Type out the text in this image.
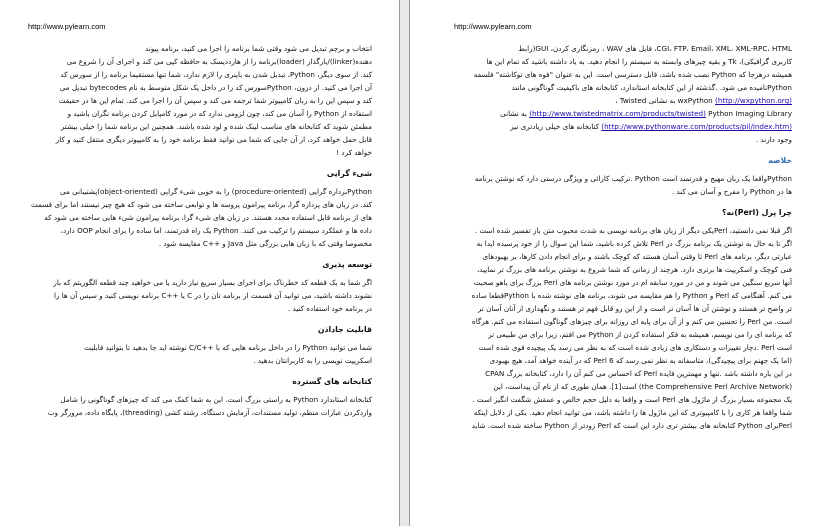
http://www.pylearn.com

انتخاب و برچم تبدیل می شود وقتی شما برنامه را اجرا می کنید، برنامه پیوند

دهنده(linker)/بارگذار (loader)برنامه را از هارددیسک به حافظه کپی می کند و اجرای آن را شروع می

کند. از سوی دیگر، Python، تبدیل شدن به باینری را لازم ندارد، شما تنها مستقیما برنامه را از سورس کد

آن اجرا می کنید. از درون، Pythonسورس کد را در داخل یک شکل متوسط به نام bytecodes تبدیل می

کند و سپس این را به زبان کامپیوتر شما ترجمه می کند و سپس آن را اجرا می کند. تمام این ها در حقیقت

استفاده از Python را آسان می کند، چون لزومی ندارد که در مورد کامپایل کردن برنامه نگران باشید و

مطمئن شوید که کتابخانه های مناسب لینک شده و لود شده باشند. همچنین این برنامه شما را خیلی بیشتر

قابل حمل خواهد کرد، از آن جایی که شما می توانید فقط برنامه خود را به کامپیوتر دیگری منتقل کنید و کار

خواهد کرد !

شیء گرایی

Pythonبرداره گرایی (procedure-oriented) را به خوبی شیء گرایی (object-oriented)پشتیبانی می

کند. در زبان های پردازه گرا، برنامه پیرامون پروسه ها و توابعی ساخته می شود که هیچ چیز نیستند اما برای قسمت

های از برنامه قابل استفاده مجدد هستند. در زبان های شیء گرا، برنامه پیرامون شیء هایی ساخته می شود که

داده ها و عملکرد سیستم را ترکیب می کنند. Python یک راه قدرتمند، اما ساده را برای انجام OOP دارد،

مخصوصا وقتی که با زبان هایی بزرگی مثل Java و ++C مقایسه شود .

توسعه پذیری

اگر شما به یک قطعه کد خطرناک برای اجرای بسیار سریع نیاز دارید یا می خواهید چند قطعه الگوریتم که باز

نشوند داشته باشید، می توانید آن قسمت از برنامه تان را در C یا ++C برنامه نویسی کنید و سپس آن ها را

در برنامه خود استفاده کنید .

قابلیت جاداذن

شما می توانید Python را در داخل برنامه هایی که با ++C/C نوشته اید جا بدهید تا بتوانید قابلیت

اسکریپت نویسی را به کاربرانتان بدهید .

کتابخانه های گسترده

کتابخانه استاندارد Python به راستی بزرگ است. این به شما کمک می کند که چیزهای گوناگونی را شامل

واردکردن عبارات منظم، تولید مستندات، آزمایش دستگاه، رشته کشی (threading)، پایگاه داده، مرورگر وب

http://www.pylearn.com

CGI، FTP، Email، XML، XML-RPC، HTML، فایل های WAV ، رمزنگاری کردن، GUI(رابط

کاربری گرافیکی)، Tk و بقیه چیزهای وابسته به سیستم را انجام دهید. به یاد داشته باشید که تمام این ها

همیشه درهرجا که Python نصب شده باشد، قابل دسترسی است. این به عنوان "فوه های توکاشته" فلسفه

Pythonنامیده می شود. .گذشته از این کتابخانه استاندارد، کتابخانه های باکیفیت گوناگونی مانند

wxPython (http://wxpython.org) به نشانی Twisted ،

(http://www.twistedmatrix.com/products/twisted) Python Imaging Library به نشانی

(http://www.pythonware.com/products/pil/index.htm) کتابخانه های خیلی زیادتری نیز

وجود دارند .

خلاصه

Pythonواقعا یک زبان مهیج و قدرتمند است Python .ترکیب کارائی و ویژگی درستی دارد که نوشتن برنامه

ها در Python را مفرح و آسان می کند .

چرا پرل (Perl)نه؟

اگر قبلا نمی دانستید، Perlیکی دیگر از زبان های برنامه نویسی به شدت محبوب متن باز تفسیر شده است .

اگر تا به حال به نوشتن یک برنامه بزرگ در Perl تلاش کرده باشید، شما این سوال را از خود پرسیده ایدا به

عبارتی دیگر، برنامه های Perl تا وقتی آسان هستند که کوچک باشند و برای انجام دادن کارها، بر بهبودهای

فنی کوچک و اسکریپت ها برتری دارد. هرچند از زمانی که شما شروع به نوشتن برنامه های بزرگ تر نمایید،

آنها سریع سنگین می شوند و من در مورد سابقه ام در مورد نوشتن برنامه های Perl بزرگ برای یاهو صحبت

می کنم. آهنگامی که Perl و Python را هم مقایسه می شوند، برنامه های نوشته شده با Pythonقطعا ساده

تر واضح تر هستند و نوشتن آن ها آسان تر است و از این رو قابل فهم تر هستند و نگهداری از آنان آسان تر

است. من Perl را تحسین می کنم و از آن برای پایه ای روزانه برای چیزهای گوناگون استفاده می کنم. هرگاه

که برنامه ای را می نویسم، همیشه به فکر استفاده کردن از Python می افتم، زیرا برای من طبیعی تر

است Perl .دچار تغییرات و دستکاری های زیادی شده است که به نظر می رسد یک پیچیده قوی شده است

(اما یک جهنم برای پیچیدگی)، متاسفانه به نظر نمی رسد که 6 Perl که در آینده خواهد آمد، هیچ بهبودی

در این باره داشته باشد .تنها و مهمترین فایده Perl که احساس می کنم آن را دارد، کتابخانه بزرگ CPAN

(the Comprehensive Perl Archive Network) است[1]. همان طوری که از نام آن پیداست، این

یک مجموعه بسیار بزرگ از ماژول های Perl است و واقعا به دلیل حجم خالص و عمقش شگفت انگیز است .

شما واقعا هر کاری را با کامپیوتری که این ماژول ها را داشته باشد، می توانید انجام دهید. یکی از دلایل اینکه

Perlبرای Python کتابخانه های بیشتر تری دارد این است که Perl زودتر از Python ساخته شده است. شاید
